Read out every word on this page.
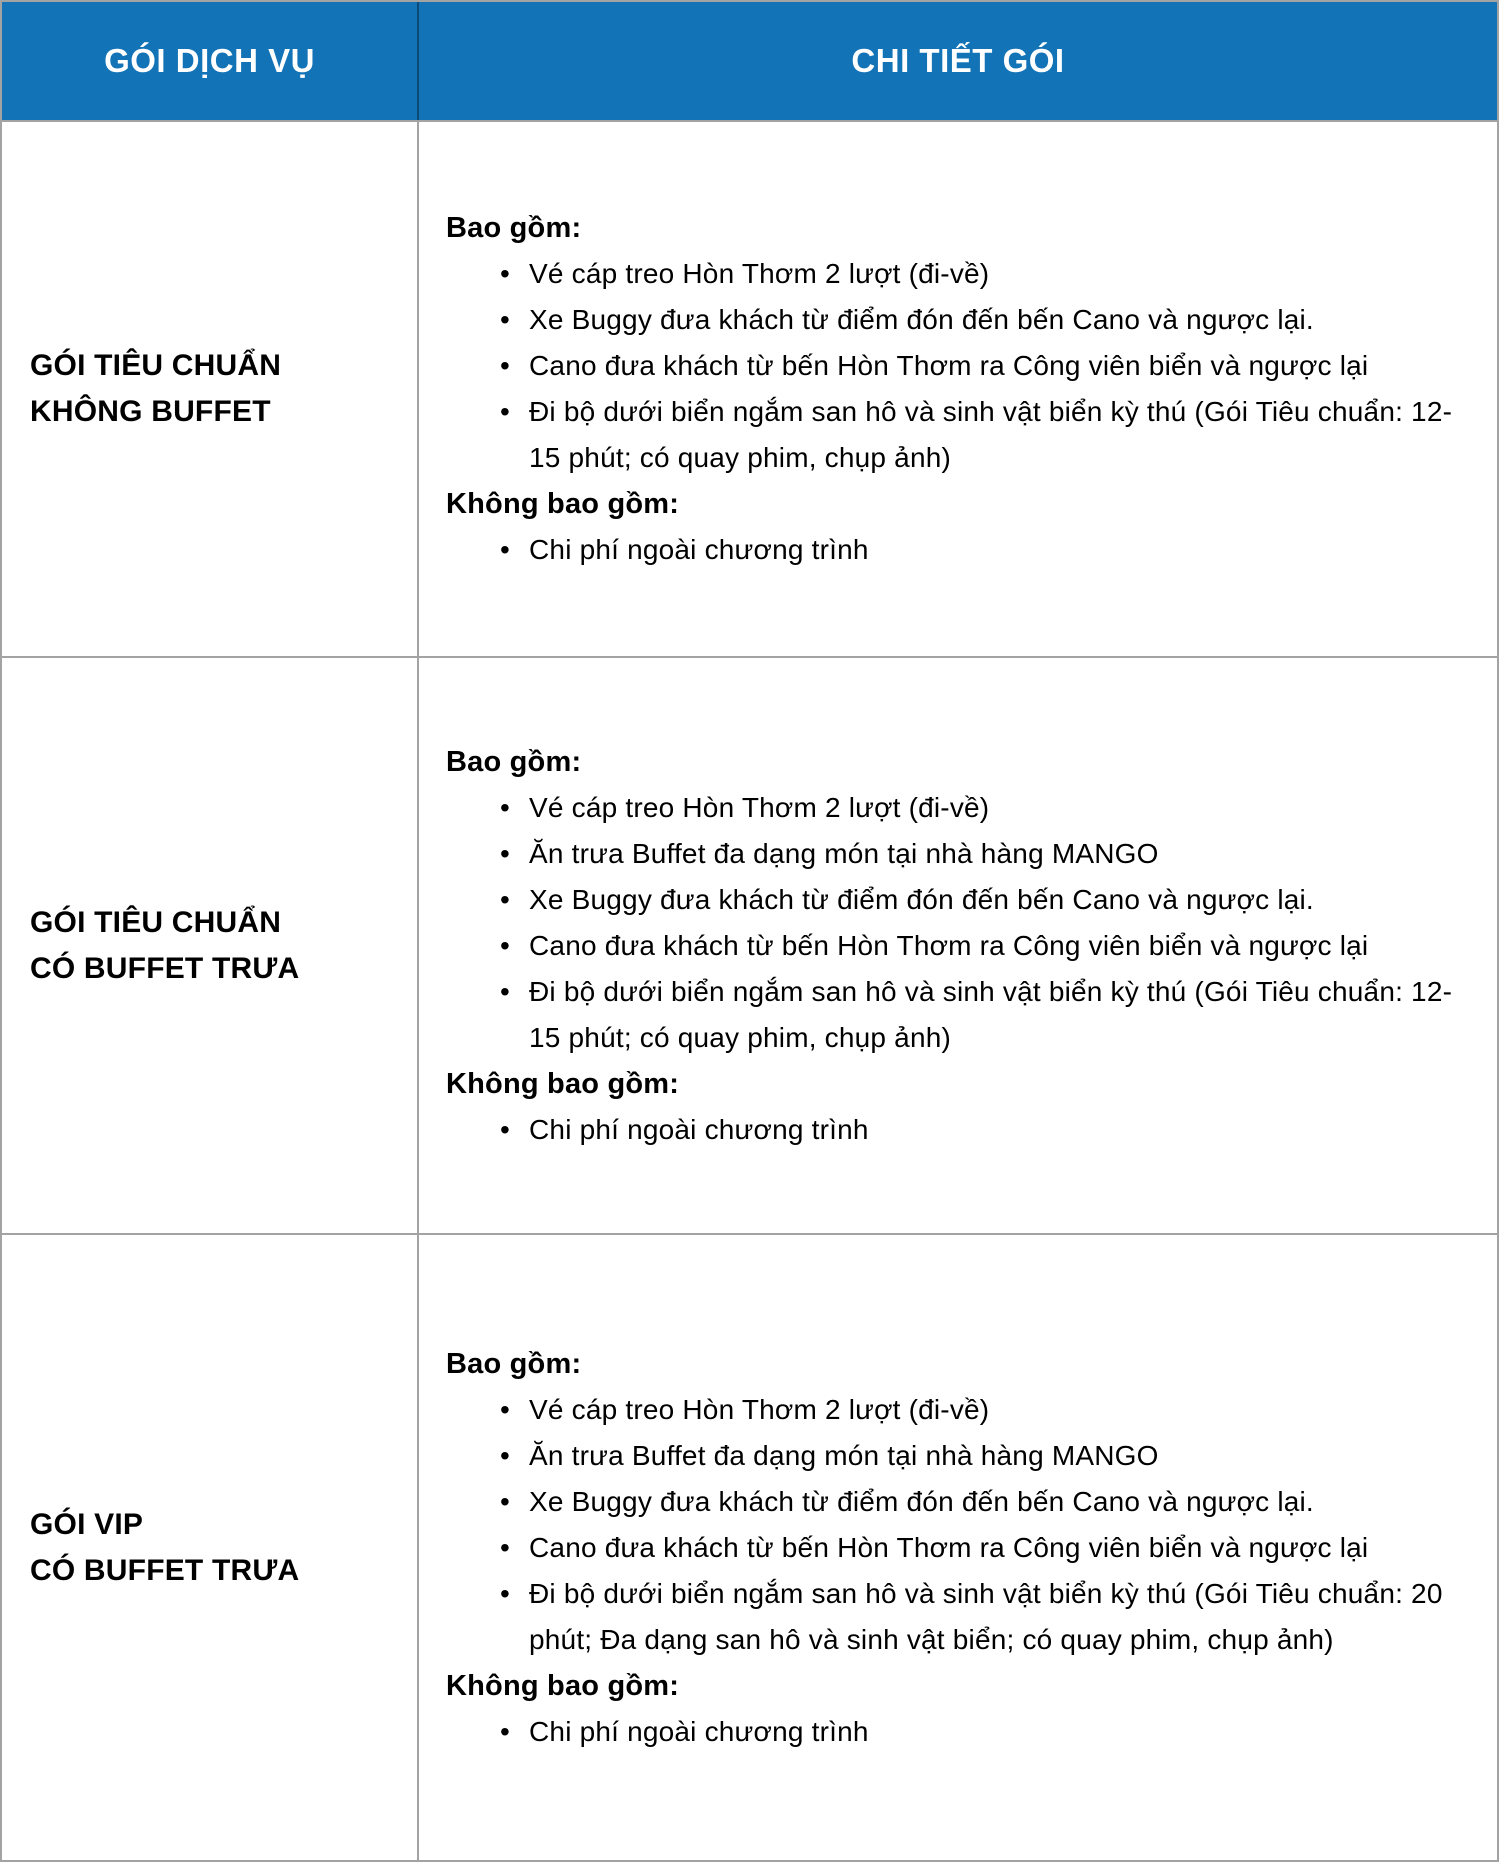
GÓI DỊCH VỤ	CHI TIẾT GÓI
GÓI TIÊU CHUẨN
KHÔNG BUFFET
Bao gồm:
• Vé cáp treo Hòn Thơm 2 lượt (đi-về)
• Xe Buggy đưa khách từ điểm đón đến bến Cano và ngược lại.
• Cano đưa khách từ bến Hòn Thơm ra Công viên biển và ngược lại
• Đi bộ dưới biển ngắm san hô và sinh vật biển kỳ thú (Gói Tiêu chuẩn: 12-15 phút; có quay phim, chụp ảnh)
Không bao gồm:
• Chi phí ngoài chương trình
GÓI TIÊU CHUẨN
CÓ BUFFET TRƯA
Bao gồm:
• Vé cáp treo Hòn Thơm 2 lượt (đi-về)
• Ăn trưa Buffet đa dạng món tại nhà hàng MANGO
• Xe Buggy đưa khách từ điểm đón đến bến Cano và ngược lại.
• Cano đưa khách từ bến Hòn Thơm ra Công viên biển và ngược lại
• Đi bộ dưới biển ngắm san hô và sinh vật biển kỳ thú (Gói Tiêu chuẩn: 12-15 phút; có quay phim, chụp ảnh)
Không bao gồm:
• Chi phí ngoài chương trình
GÓI VIP
CÓ BUFFET TRƯA
Bao gồm:
• Vé cáp treo Hòn Thơm 2 lượt (đi-về)
• Ăn trưa Buffet đa dạng món tại nhà hàng MANGO
• Xe Buggy đưa khách từ điểm đón đến bến Cano và ngược lại.
• Cano đưa khách từ bến Hòn Thơm ra Công viên biển và ngược lại
• Đi bộ dưới biển ngắm san hô và sinh vật biển kỳ thú (Gói Tiêu chuẩn: 20 phút; Đa dạng san hô và sinh vật biển; có quay phim, chụp ảnh)
Không bao gồm:
• Chi phí ngoài chương trình
